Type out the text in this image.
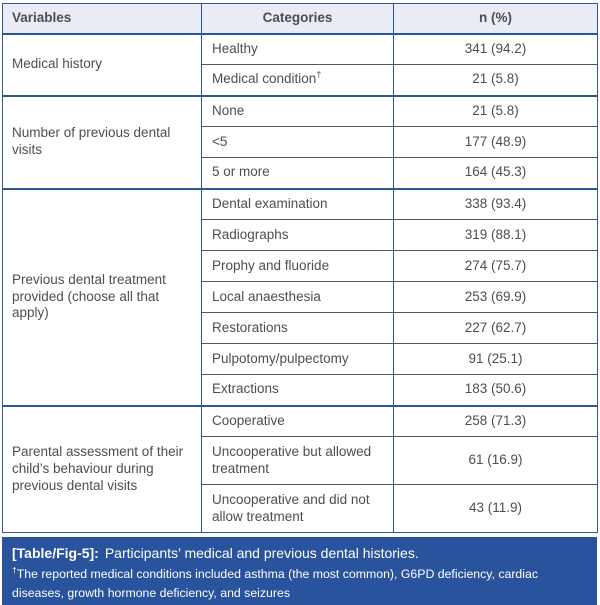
Variables	Categories	n (%)
Medical history	Healthy	341 (94.2)
	Medical condition†	21 (5.8)
Number of previous dental visits	None	21 (5.8)
	<5	177 (48.9)
	5 or more	164 (45.3)
Previous dental treatment provided (choose all that apply)	Dental examination	338 (93.4)
	Radiographs	319 (88.1)
	Prophy and fluoride	274 (75.7)
	Local anaesthesia	253 (69.9)
	Restorations	227 (62.7)
	Pulpotomy/pulpectomy	91 (25.1)
	Extractions	183 (50.6)
Parental assessment of their child’s behaviour during previous dental visits	Cooperative	258 (71.3)
	Uncooperative but allowed treatment	61 (16.9)
	Uncooperative and did not allow treatment	43 (11.9)
[Table/Fig-5]: Participants’ medical and previous dental histories.
†The reported medical conditions included asthma (the most common), G6PD deficiency, cardiac diseases, growth hormone deficiency, and seizures
